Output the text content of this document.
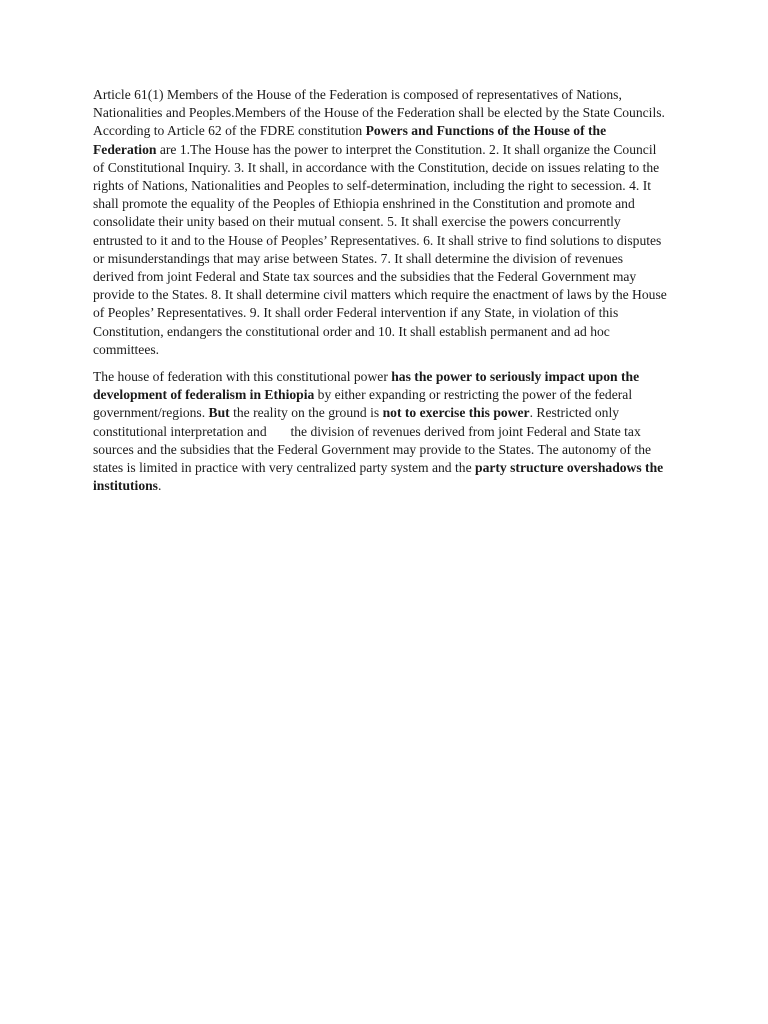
Article 61(1) Members of the House of the Federation is composed of representatives of Nations, Nationalities and Peoples.Members of the House of the Federation shall be elected by the State Councils. According to Article 62 of the FDRE constitution Powers and Functions of the House of the Federation are 1.The House has the power to interpret the Constitution. 2. It shall organize the Council of Constitutional Inquiry. 3. It shall, in accordance with the Constitution, decide on issues relating to the rights of Nations, Nationalities and Peoples to self-determination, including the right to secession. 4. It shall promote the equality of the Peoples of Ethiopia enshrined in the Constitution and promote and consolidate their unity based on their mutual consent. 5. It shall exercise the powers concurrently entrusted to it and to the House of Peoples’ Representatives. 6. It shall strive to find solutions to disputes or misunderstandings that may arise between States. 7. It shall determine the division of revenues derived from joint Federal and State tax sources and the subsidies that the Federal Government may provide to the States. 8. It shall determine civil matters which require the enactment of laws by the House of Peoples’ Representatives. 9. It shall order Federal intervention if any State, in violation of this Constitution, endangers the constitutional order and 10. It shall establish permanent and ad hoc committees.

The house of federation with this constitutional power has the power to seriously impact upon the development of federalism in Ethiopia by either expanding or restricting the power of the federal government/regions. But the reality on the ground is not to exercise this power. Restricted only constitutional interpretation and       the division of revenues derived from joint Federal and State tax sources and the subsidies that the Federal Government may provide to the States. The autonomy of the states is limited in practice with very centralized party system and the party structure overshadows the institutions.
